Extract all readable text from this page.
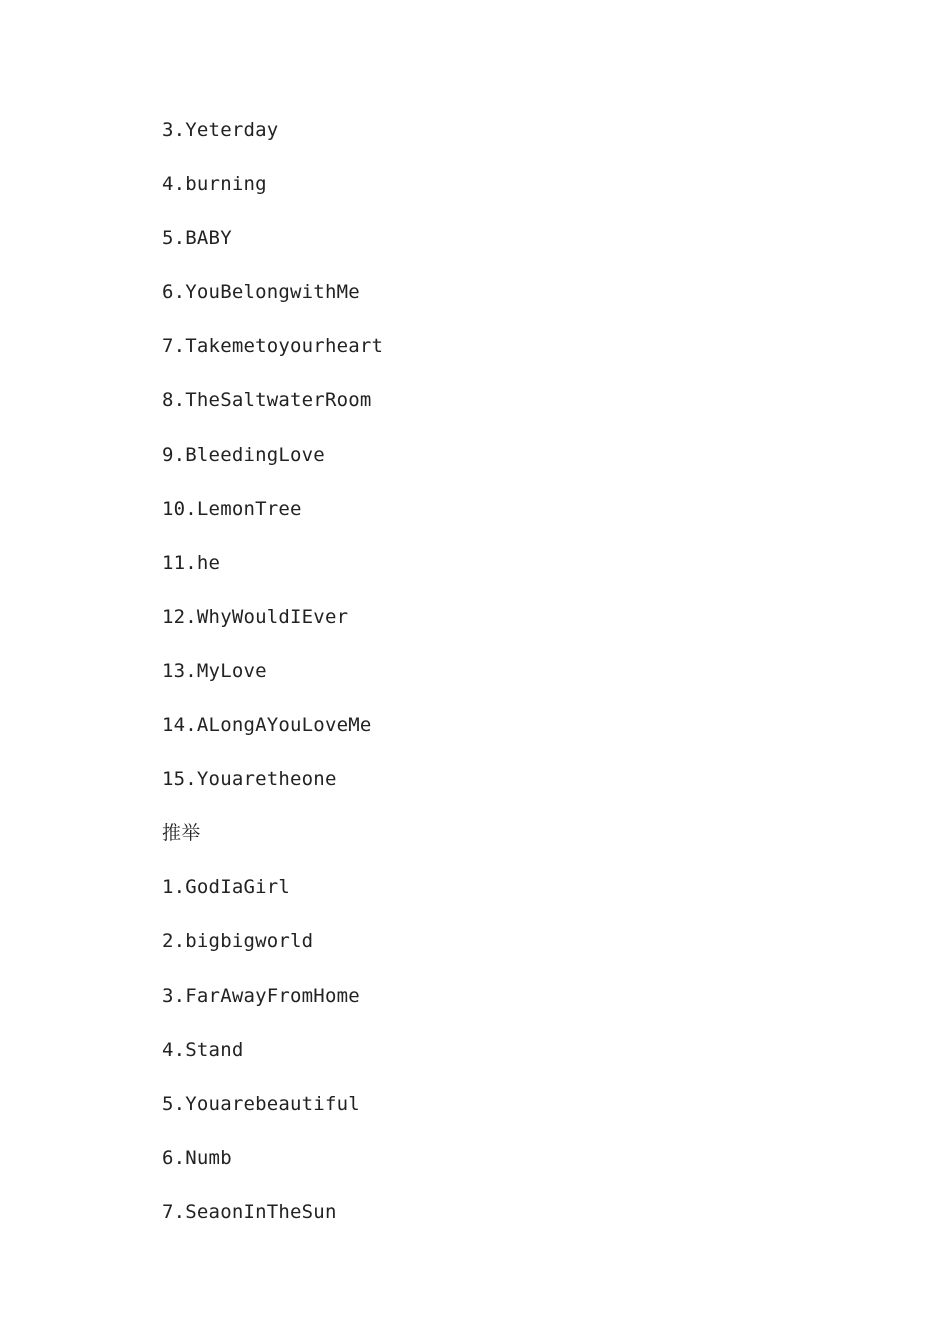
3.Yeterday
4.burning
5.BABY
6.YouBelongwithMe
7.Takemetoyourheart
8.TheSaltwaterRoom
9.BleedingLove
10.LemonTree
11.he
12.WhyWouldIEver
13.MyLove
14.ALongAYouLoveMe
15.Youaretheone
推举
1.GodIaGirl
2.bigbigworld
3.FarAwayFromHome
4.Stand
5.Youarebeautiful
6.Numb
7.SeaonInTheSun
